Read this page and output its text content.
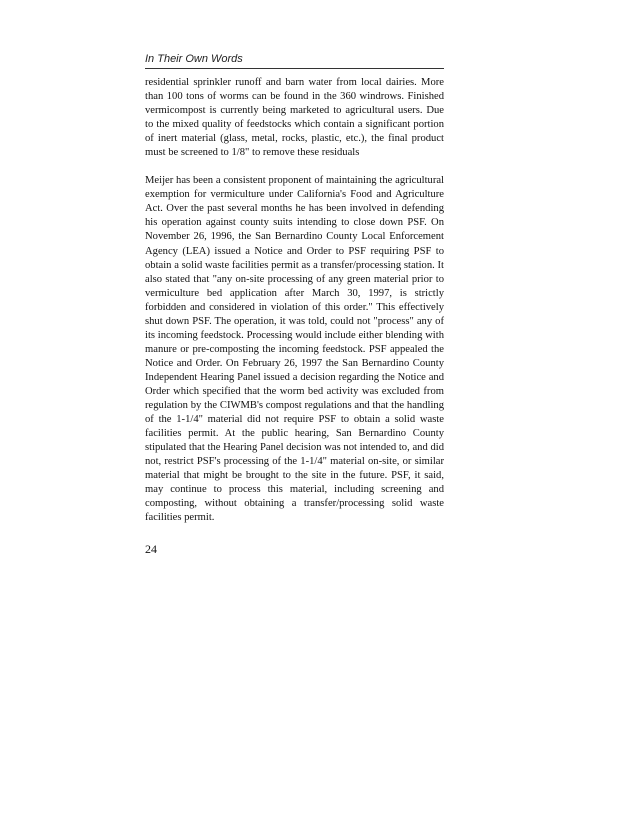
In Their Own Words

residential sprinkler runoff and barn water from local dairies. More than 100 tons of worms can be found in the 360 windrows. Finished vermicompost is currently being marketed to agricultural users. Due to the mixed quality of feedstocks which contain a significant portion of inert material (glass, metal, rocks, plastic, etc.), the final product must be screened to 1/8" to remove these residuals

Meijer has been a consistent proponent of maintaining the agricultural exemption for vermiculture under California's Food and Agriculture Act. Over the past several months he has been involved in defending his operation against county suits intending to close down PSF. On November 26, 1996, the San Bernardino County Local Enforcement Agency (LEA) issued a Notice and Order to PSF requiring PSF to obtain a solid waste facilities permit as a transfer/processing station. It also stated that "any on-site processing of any green material prior to vermiculture bed application after March 30, 1997, is strictly forbidden and considered in violation of this order." This effectively shut down PSF. The operation, it was told, could not "process" any of its incoming feedstock. Processing would include either blending with manure or pre-composting the incoming feedstock. PSF appealed the Notice and Order. On February 26, 1997 the San Bernardino County Independent Hearing Panel issued a decision regarding the Notice and Order which specified that the worm bed activity was excluded from regulation by the CIWMB's compost regulations and that the handling of the 1-1/4" material did not require PSF to obtain a solid waste facilities permit. At the public hearing, San Bernardino County stipulated that the Hearing Panel decision was not intended to, and did not, restrict PSF's processing of the 1-1/4" material on-site, or similar material that might be brought to the site in the future. PSF, it said, may continue to process this material, including screening and composting, without obtaining a transfer/processing solid waste facilities permit.

24
